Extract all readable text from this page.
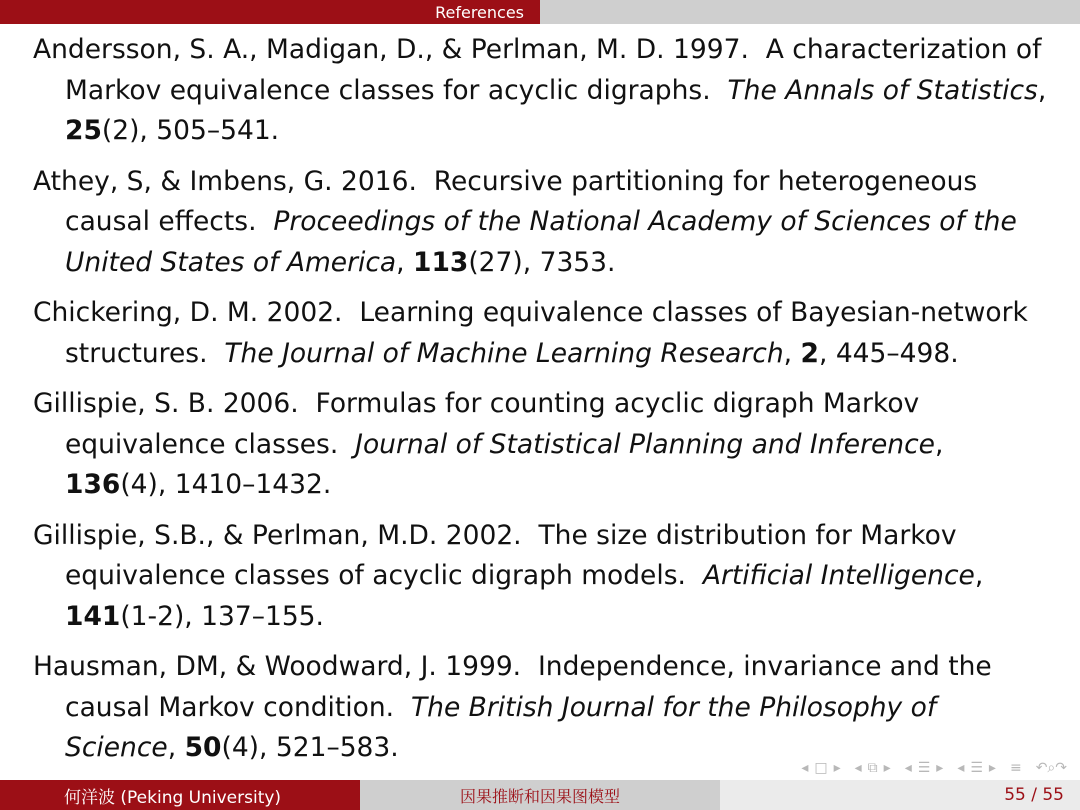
References
Andersson, S. A., Madigan, D., & Perlman, M. D. 1997. A characterization of Markov equivalence classes for acyclic digraphs. The Annals of Statistics, 25(2), 505–541.
Athey, S, & Imbens, G. 2016. Recursive partitioning for heterogeneous causal effects. Proceedings of the National Academy of Sciences of the United States of America, 113(27), 7353.
Chickering, D. M. 2002. Learning equivalence classes of Bayesian-network structures. The Journal of Machine Learning Research, 2, 445–498.
Gillispie, S. B. 2006. Formulas for counting acyclic digraph Markov equivalence classes. Journal of Statistical Planning and Inference, 136(4), 1410–1432.
Gillispie, S.B., & Perlman, M.D. 2002. The size distribution for Markov equivalence classes of acyclic digraph models. Artificial Intelligence, 141(1-2), 137–155.
Hausman, DM, & Woodward, J. 1999. Independence, invariance and the causal Markov condition. The British Journal for the Philosophy of Science, 50(4), 521–583.
◂ □ ▸ ◂ ⧉ ▸ ◂ ☰ ▸ ◂ ☰ ▸ ≡ ↶⌕↷
何洋波 (Peking University)	因果推断和因果图模型	55 / 55
